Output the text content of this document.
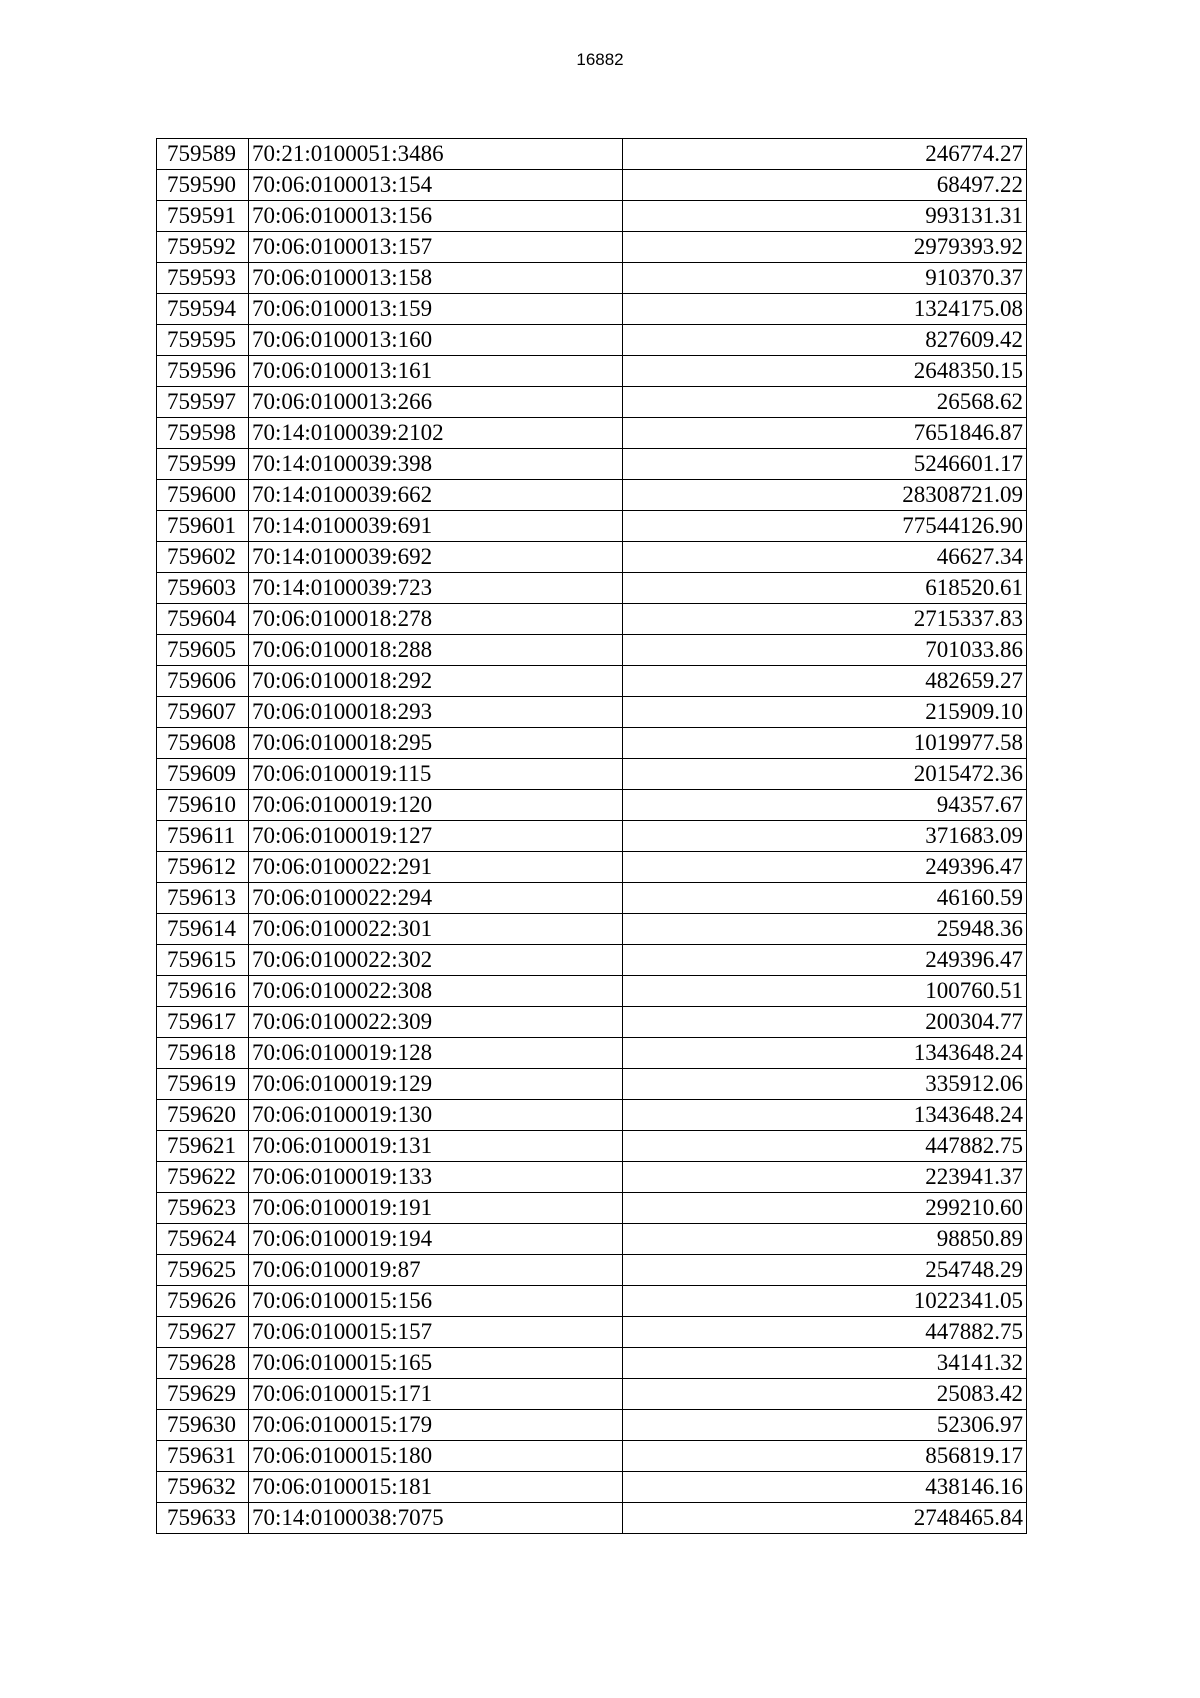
16882
759589	70:21:0100051:3486	246774.27
759590	70:06:0100013:154	68497.22
759591	70:06:0100013:156	993131.31
759592	70:06:0100013:157	2979393.92
759593	70:06:0100013:158	910370.37
759594	70:06:0100013:159	1324175.08
759595	70:06:0100013:160	827609.42
759596	70:06:0100013:161	2648350.15
759597	70:06:0100013:266	26568.62
759598	70:14:0100039:2102	7651846.87
759599	70:14:0100039:398	5246601.17
759600	70:14:0100039:662	28308721.09
759601	70:14:0100039:691	77544126.90
759602	70:14:0100039:692	46627.34
759603	70:14:0100039:723	618520.61
759604	70:06:0100018:278	2715337.83
759605	70:06:0100018:288	701033.86
759606	70:06:0100018:292	482659.27
759607	70:06:0100018:293	215909.10
759608	70:06:0100018:295	1019977.58
759609	70:06:0100019:115	2015472.36
759610	70:06:0100019:120	94357.67
759611	70:06:0100019:127	371683.09
759612	70:06:0100022:291	249396.47
759613	70:06:0100022:294	46160.59
759614	70:06:0100022:301	25948.36
759615	70:06:0100022:302	249396.47
759616	70:06:0100022:308	100760.51
759617	70:06:0100022:309	200304.77
759618	70:06:0100019:128	1343648.24
759619	70:06:0100019:129	335912.06
759620	70:06:0100019:130	1343648.24
759621	70:06:0100019:131	447882.75
759622	70:06:0100019:133	223941.37
759623	70:06:0100019:191	299210.60
759624	70:06:0100019:194	98850.89
759625	70:06:0100019:87	254748.29
759626	70:06:0100015:156	1022341.05
759627	70:06:0100015:157	447882.75
759628	70:06:0100015:165	34141.32
759629	70:06:0100015:171	25083.42
759630	70:06:0100015:179	52306.97
759631	70:06:0100015:180	856819.17
759632	70:06:0100015:181	438146.16
759633	70:14:0100038:7075	2748465.84
